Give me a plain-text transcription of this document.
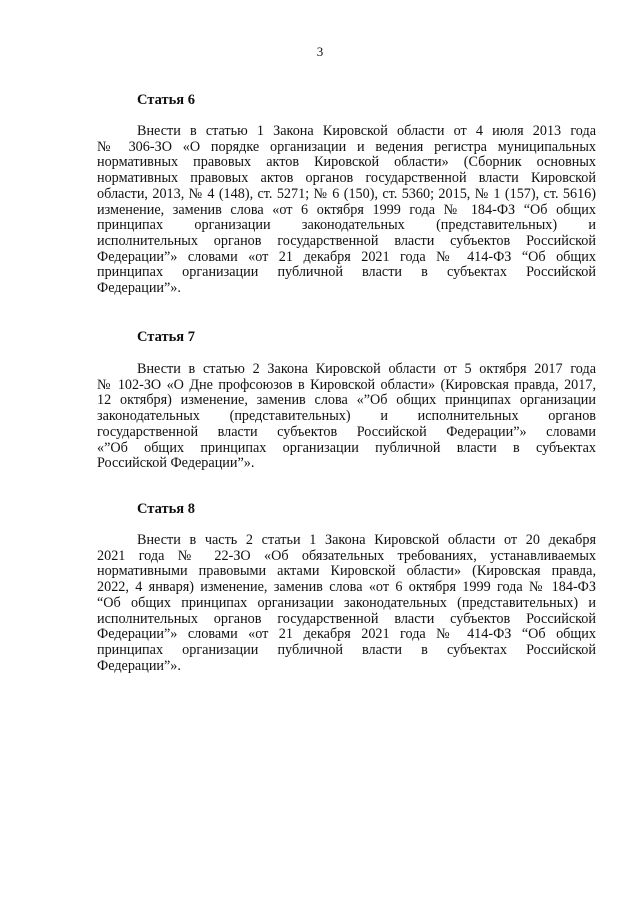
3
Статья 6
Внести в статью 1 Закона Кировской области от 4 июля 2013 года
№ 306-ЗО «О порядке организации и ведения регистра муниципальных
нормативных правовых актов Кировской области» (Сборник основных
нормативных правовых актов органов государственной власти Кировской
области, 2013, № 4 (148), ст. 5271; № 6 (150), ст. 5360; 2015, № 1 (157), ст. 5616)
изменение, заменив слова «от 6 октября 1999 года № 184-ФЗ “Об общих
принципах организации законодательных (представительных) и
исполнительных органов государственной власти субъектов Российской
Федерации”» словами «от 21 декабря 2021 года № 414-ФЗ “Об общих
принципах организации публичной власти в субъектах Российской
Федерации”».
Статья 7
Внести в статью 2 Закона Кировской области от 5 октября 2017 года
№ 102-ЗО «О Дне профсоюзов в Кировской области» (Кировская правда, 2017,
12 октября) изменение, заменив слова «”Об общих принципах организации
законодательных (представительных) и исполнительных органов
государственной власти субъектов Российской Федерации”» словами
«”Об общих принципах организации публичной власти в субъектах
Российской Федерации”».
Статья 8
Внести в часть 2 статьи 1 Закона Кировской области от 20 декабря
2021 года № 22-ЗО «Об обязательных требованиях, устанавливаемых
нормативными правовыми актами Кировской области» (Кировская правда,
2022, 4 января) изменение, заменив слова «от 6 октября 1999 года № 184-ФЗ
“Об общих принципах организации законодательных (представительных) и
исполнительных органов государственной власти субъектов Российской
Федерации”» словами «от 21 декабря 2021 года № 414-ФЗ “Об общих
принципах организации публичной власти в субъектах Российской
Федерации”».
